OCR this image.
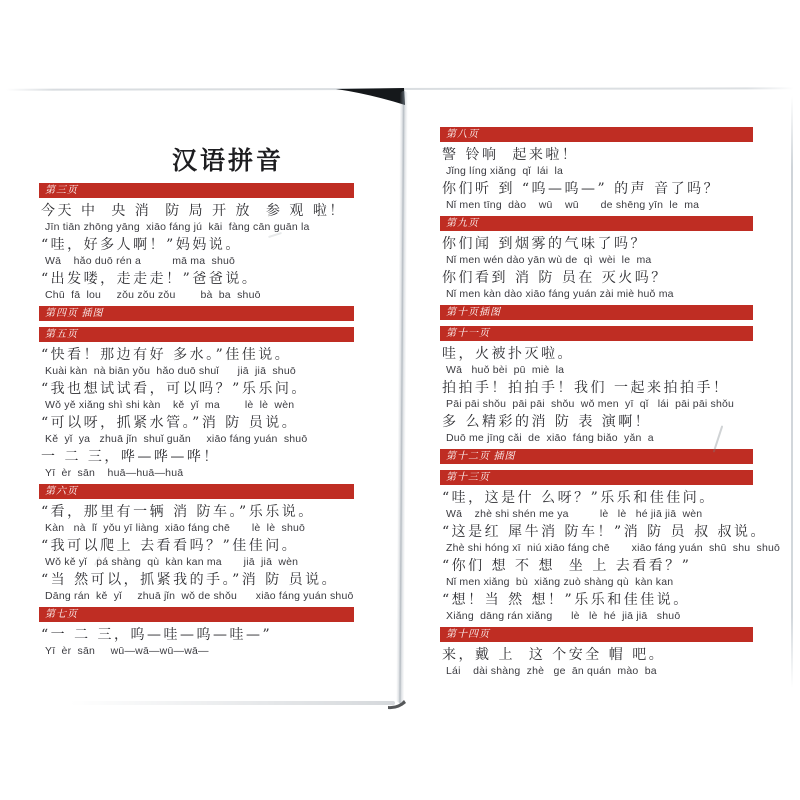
汉语拼音
第三页
今天 中  央 消  防 局 开 放  参 观 啦！
Jīn tiān zhōng yāng  xiāo fáng jú  kāi  fàng cān guān la
“哇，好多人啊！”妈妈说。
Wā    hǎo duō rén a          mā ma  shuō
“出发喽，走走走！”爸爸说。
Chū  fā  lou     zǒu zǒu zǒu        bà  ba  shuō
第四页 插图
第五页
“快看！那边有好 多水。”佳佳说。
Kuài kàn  nà biān yǒu  hǎo duō shuǐ      jiā  jiā  shuō
“我也想试试看，可以吗？”乐乐问。
Wǒ yě xiǎng shì shi kàn    kě  yǐ  ma        lè  lè  wèn
“可以呀，抓紧水管。”消 防 员说。
Kě  yǐ  ya   zhuā jǐn  shuǐ guǎn     xiāo fáng yuán  shuō
一 二 三，哗—哗—哗！
Yī  èr  sān    huā—huā—huā
第六页
“看，那里有一辆 消 防车。”乐乐说。
Kàn   nà  lǐ  yǒu yī liàng  xiāo fáng chē       lè  lè  shuō
“我可以爬上 去看看吗？”佳佳问。
Wǒ kě yǐ   pá shàng  qù  kàn kan ma       jiā  jiā  wèn
“当 然可以，抓紧我的手。”消 防 员说。
Dāng rán  kě  yǐ     zhuā jǐn  wǒ de shǒu      xiāo fáng yuán shuō
第七页
“一 二 三，呜—哇—呜—哇—”
Yī  èr  sān     wū—wā—wū—wā—
第八页
警 铃响  起来啦！
Jǐng líng xiǎng  qǐ  lái  la
你们听 到 “呜—呜—” 的声 音了吗？
Nǐ men tīng  dào    wū    wū       de shēng yīn  le  ma
第九页
你们闻 到烟雾的气味了吗？
Nǐ men wén dào yān wù de  qì  wèi  le  ma
你们看到 消 防 员在 灭火吗？
Nǐ men kàn dào xiāo fáng yuán zài miè huǒ ma
第十页插图
第十一页
哇，火被扑灭啦。
Wā   huǒ bèi  pū  miè  la
拍拍手！拍拍手！我们 一起来拍拍手！
Pāi pāi shǒu  pāi pāi  shǒu  wǒ men  yī  qǐ   lái  pāi pāi shǒu
多 么精彩的消 防 表 演啊！
Duō me jīng cǎi  de  xiāo  fáng biǎo  yǎn  a
第十二页 插图
第十三页
“哇，这是什 么呀？”乐乐和佳佳问。
Wā    zhè shi shén me ya          lè   lè   hé jiā jiā  wèn
“这是红 犀牛消 防车！”消 防 员 叔 叔说。
Zhè shi hóng xī  niú xiāo fáng chē       xiāo fáng yuán  shū  shu  shuō
“你们 想 不 想  坐 上 去看看？”
Nǐ men xiǎng  bù  xiǎng zuò shàng qù  kàn kan
“想！当 然 想！”乐乐和佳佳说。
Xiǎng  dāng rán xiǎng      lè   lè  hé  jiā jiā   shuō
第十四页
来，戴 上  这 个安全 帽 吧。
Lái    dài shàng  zhè   ge  ān quán  mào  ba
